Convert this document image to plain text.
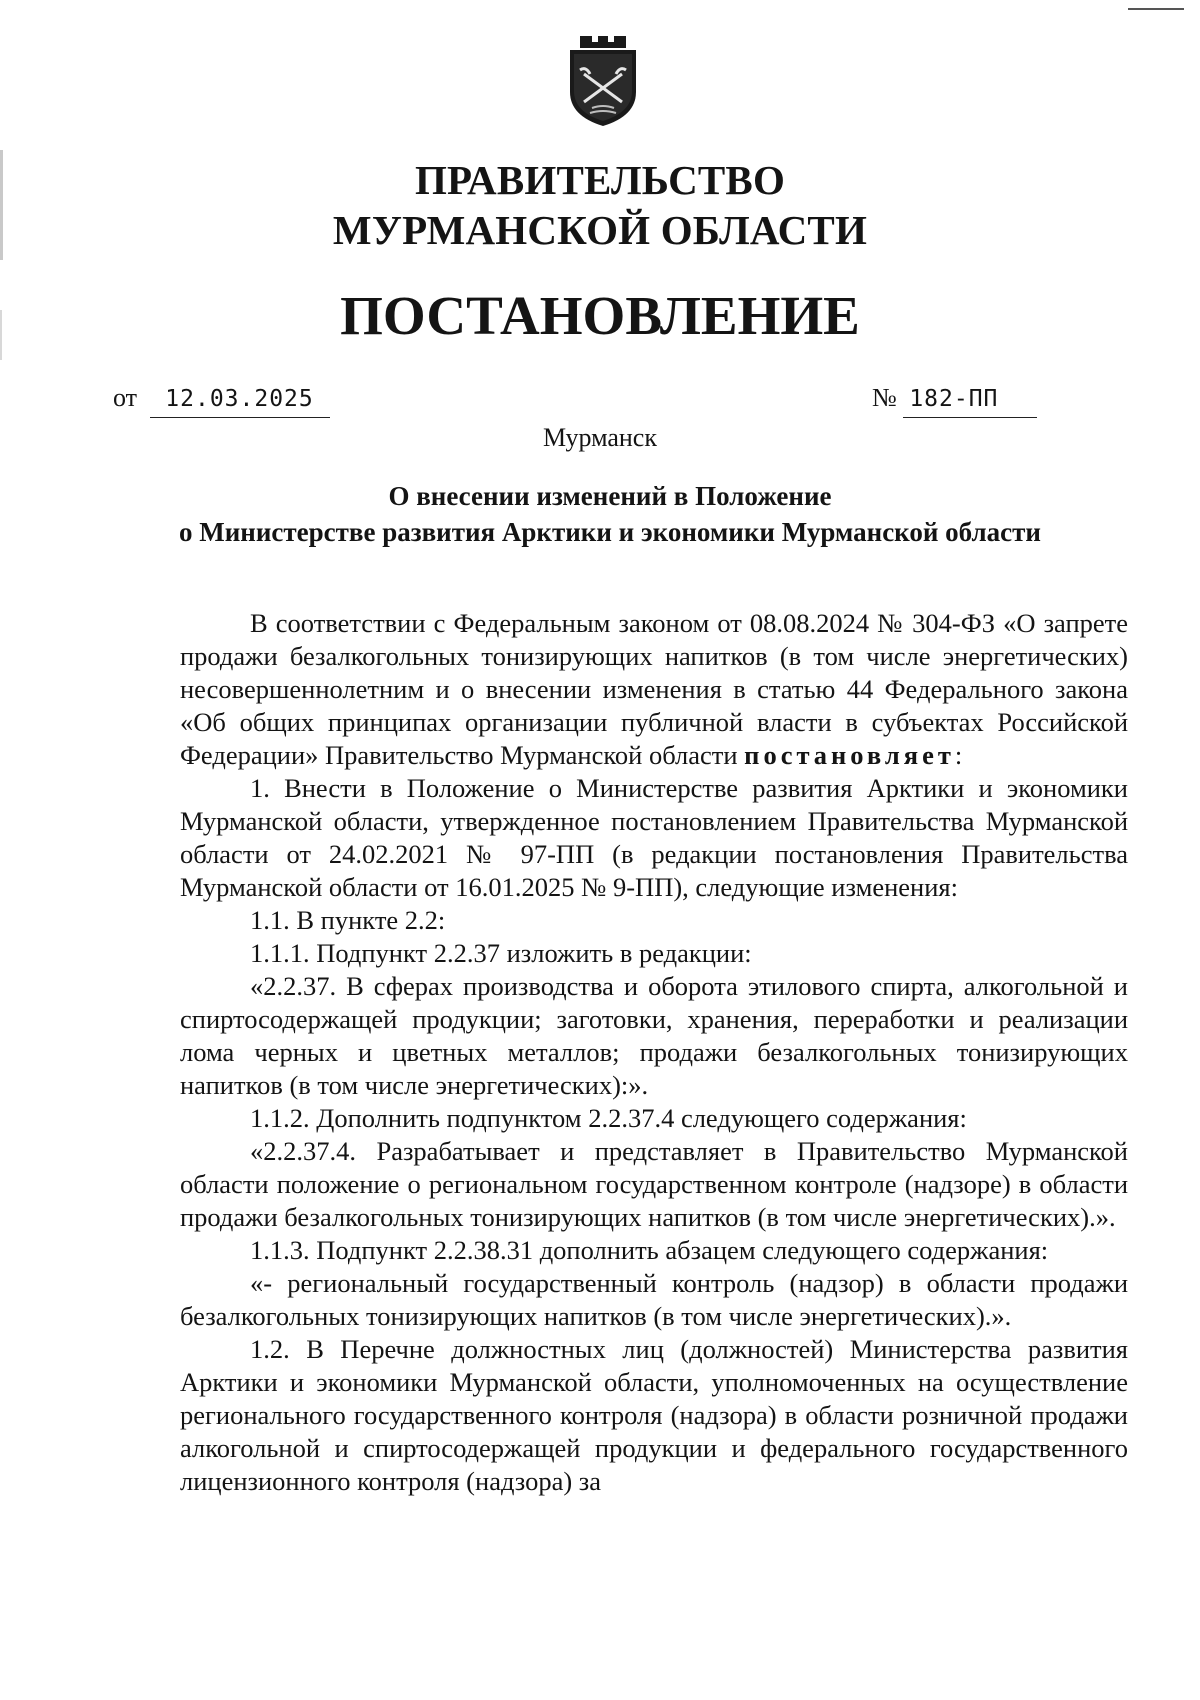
ПРАВИТЕЛЬСТВО
МУРМАНСКОЙ ОБЛАСТИ
ПОСТАНОВЛЕНИЕ
от 12.03.2025	№ 182-ПП
Мурманск
О внесении изменений в Положение
о Министерстве развития Арктики и экономики Мурманской области

В соответствии с Федеральным законом от 08.08.2024 № 304-ФЗ «О запрете продажи безалкогольных тонизирующих напитков (в том числе энергетических) несовершеннолетним и о внесении изменения в статью 44 Федерального закона «Об общих принципах организации публичной власти в субъектах Российской Федерации» Правительство Мурманской области постановляет:

1. Внести в Положение о Министерстве развития Арктики и экономики Мурманской области, утвержденное постановлением Правительства Мурманской области от 24.02.2021 № 97-ПП (в редакции постановления Правительства Мурманской области от 16.01.2025 № 9-ПП), следующие изменения:

1.1. В пункте 2.2:

1.1.1. Подпункт 2.2.37 изложить в редакции:

«2.2.37. В сферах производства и оборота этилового спирта, алкогольной и спиртосодержащей продукции; заготовки, хранения, переработки и реализации лома черных и цветных металлов; продажи безалкогольных тонизирующих напитков (в том числе энергетических):».

1.1.2. Дополнить подпунктом 2.2.37.4 следующего содержания:

«2.2.37.4. Разрабатывает и представляет в Правительство Мурманской области положение о региональном государственном контроле (надзоре) в области продажи безалкогольных тонизирующих напитков (в том числе энергетических).».

1.1.3. Подпункт 2.2.38.31 дополнить абзацем следующего содержания:

«- региональный государственный контроль (надзор) в области продажи безалкогольных тонизирующих напитков (в том числе энергетических).».

1.2. В Перечне должностных лиц (должностей) Министерства развития Арктики и экономики Мурманской области, уполномоченных на осуществление регионального государственного контроля (надзора) в области розничной продажи алкогольной и спиртосодержащей продукции и федерального государственного лицензионного контроля (надзора) за
